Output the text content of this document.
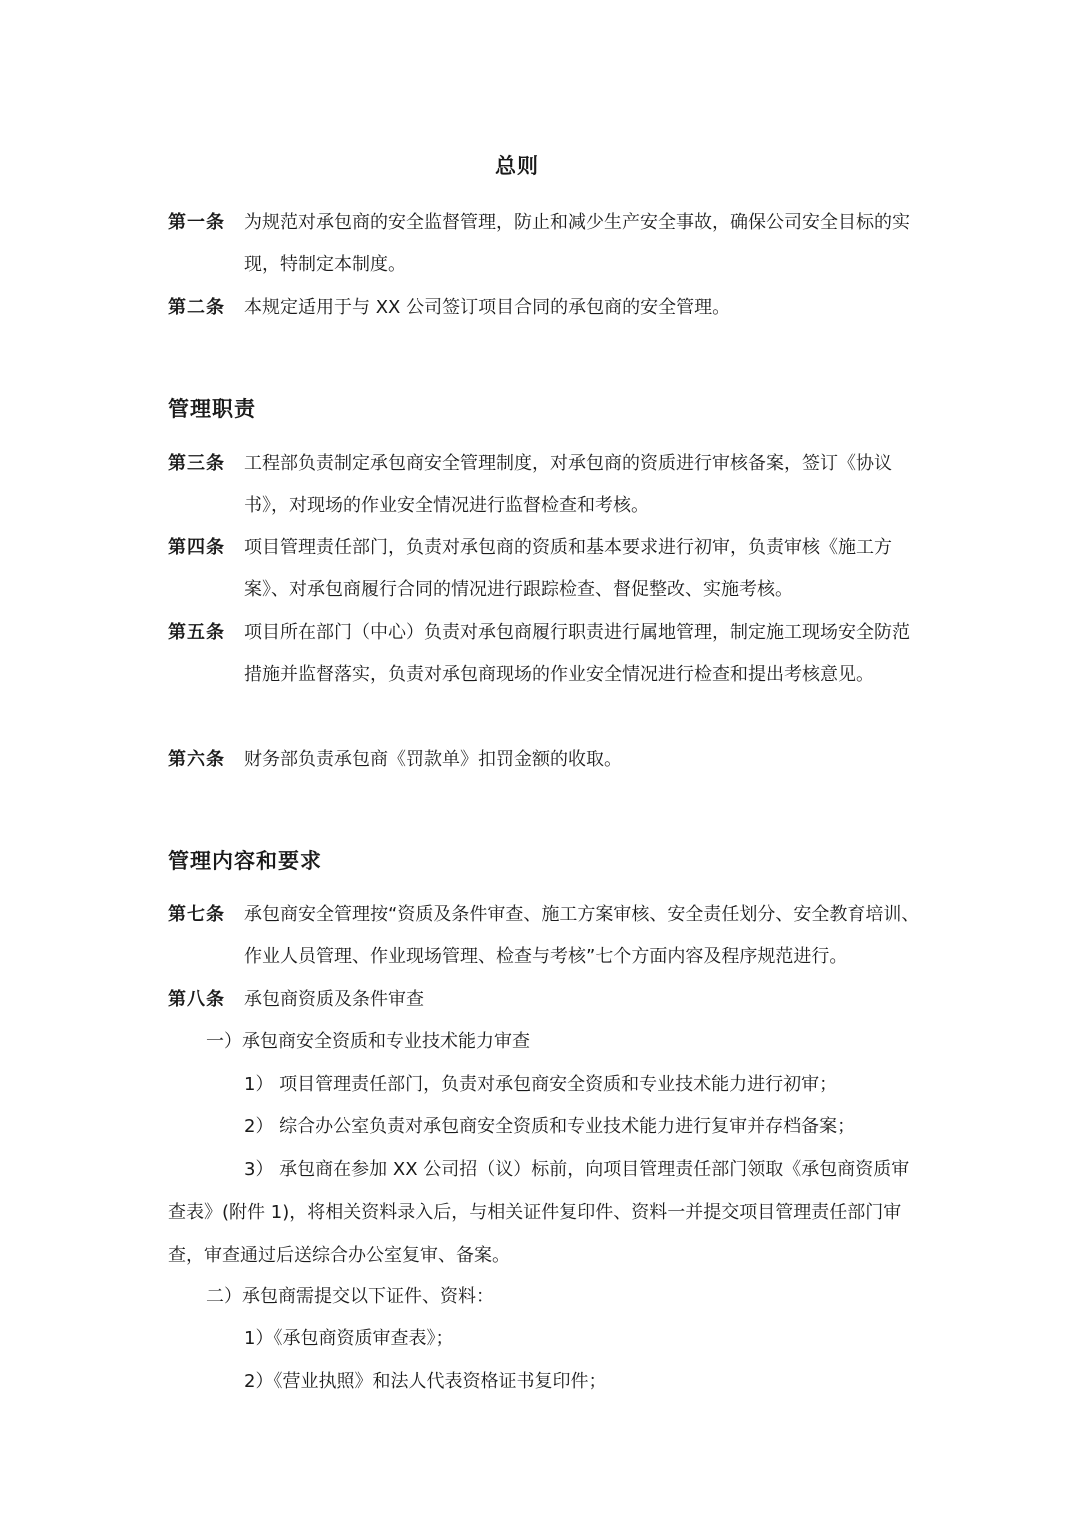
总则
第一条 为规范对承包商的安全监督管理，防止和减少生产安全事故，确保公司安全目标的实现，特制定本制度。
第二条 本规定适用于与 XX 公司签订项目合同的承包商的安全管理。
管理职责
第三条 工程部负责制定承包商安全管理制度，对承包商的资质进行审核备案，签订《协议书》，对现场的作业安全情况进行监督检查和考核。
第四条 项目管理责任部门，负责对承包商的资质和基本要求进行初审，负责审核《施工方案》、对承包商履行合同的情况进行跟踪检查、督促整改、实施考核。
第五条 项目所在部门（中心）负责对承包商履行职责进行属地管理，制定施工现场安全防范措施并监督落实，负责对承包商现场的作业安全情况进行检查和提出考核意见。
第六条 财务部负责承包商《罚款单》扣罚金额的收取。
管理内容和要求
第七条 承包商安全管理按“资质及条件审查、施工方案审核、安全责任划分、安全教育培训、作业人员管理、作业现场管理、检查与考核”七个方面内容及程序规范进行。
第八条 承包商资质及条件审查
一）承包商安全资质和专业技术能力审查
1） 项目管理责任部门，负责对承包商安全资质和专业技术能力进行初审；
2） 综合办公室负责对承包商安全资质和专业技术能力进行复审并存档备案；
3） 承包商在参加 XX 公司招（议）标前，向项目管理责任部门领取《承包商资质审查表》(附件 1)，将相关资料录入后，与相关证件复印件、资料一并提交项目管理责任部门审查，审查通过后送综合办公室复审、备案。
二）承包商需提交以下证件、资料：
1）《承包商资质审查表》；
2）《营业执照》和法人代表资格证书复印件；
